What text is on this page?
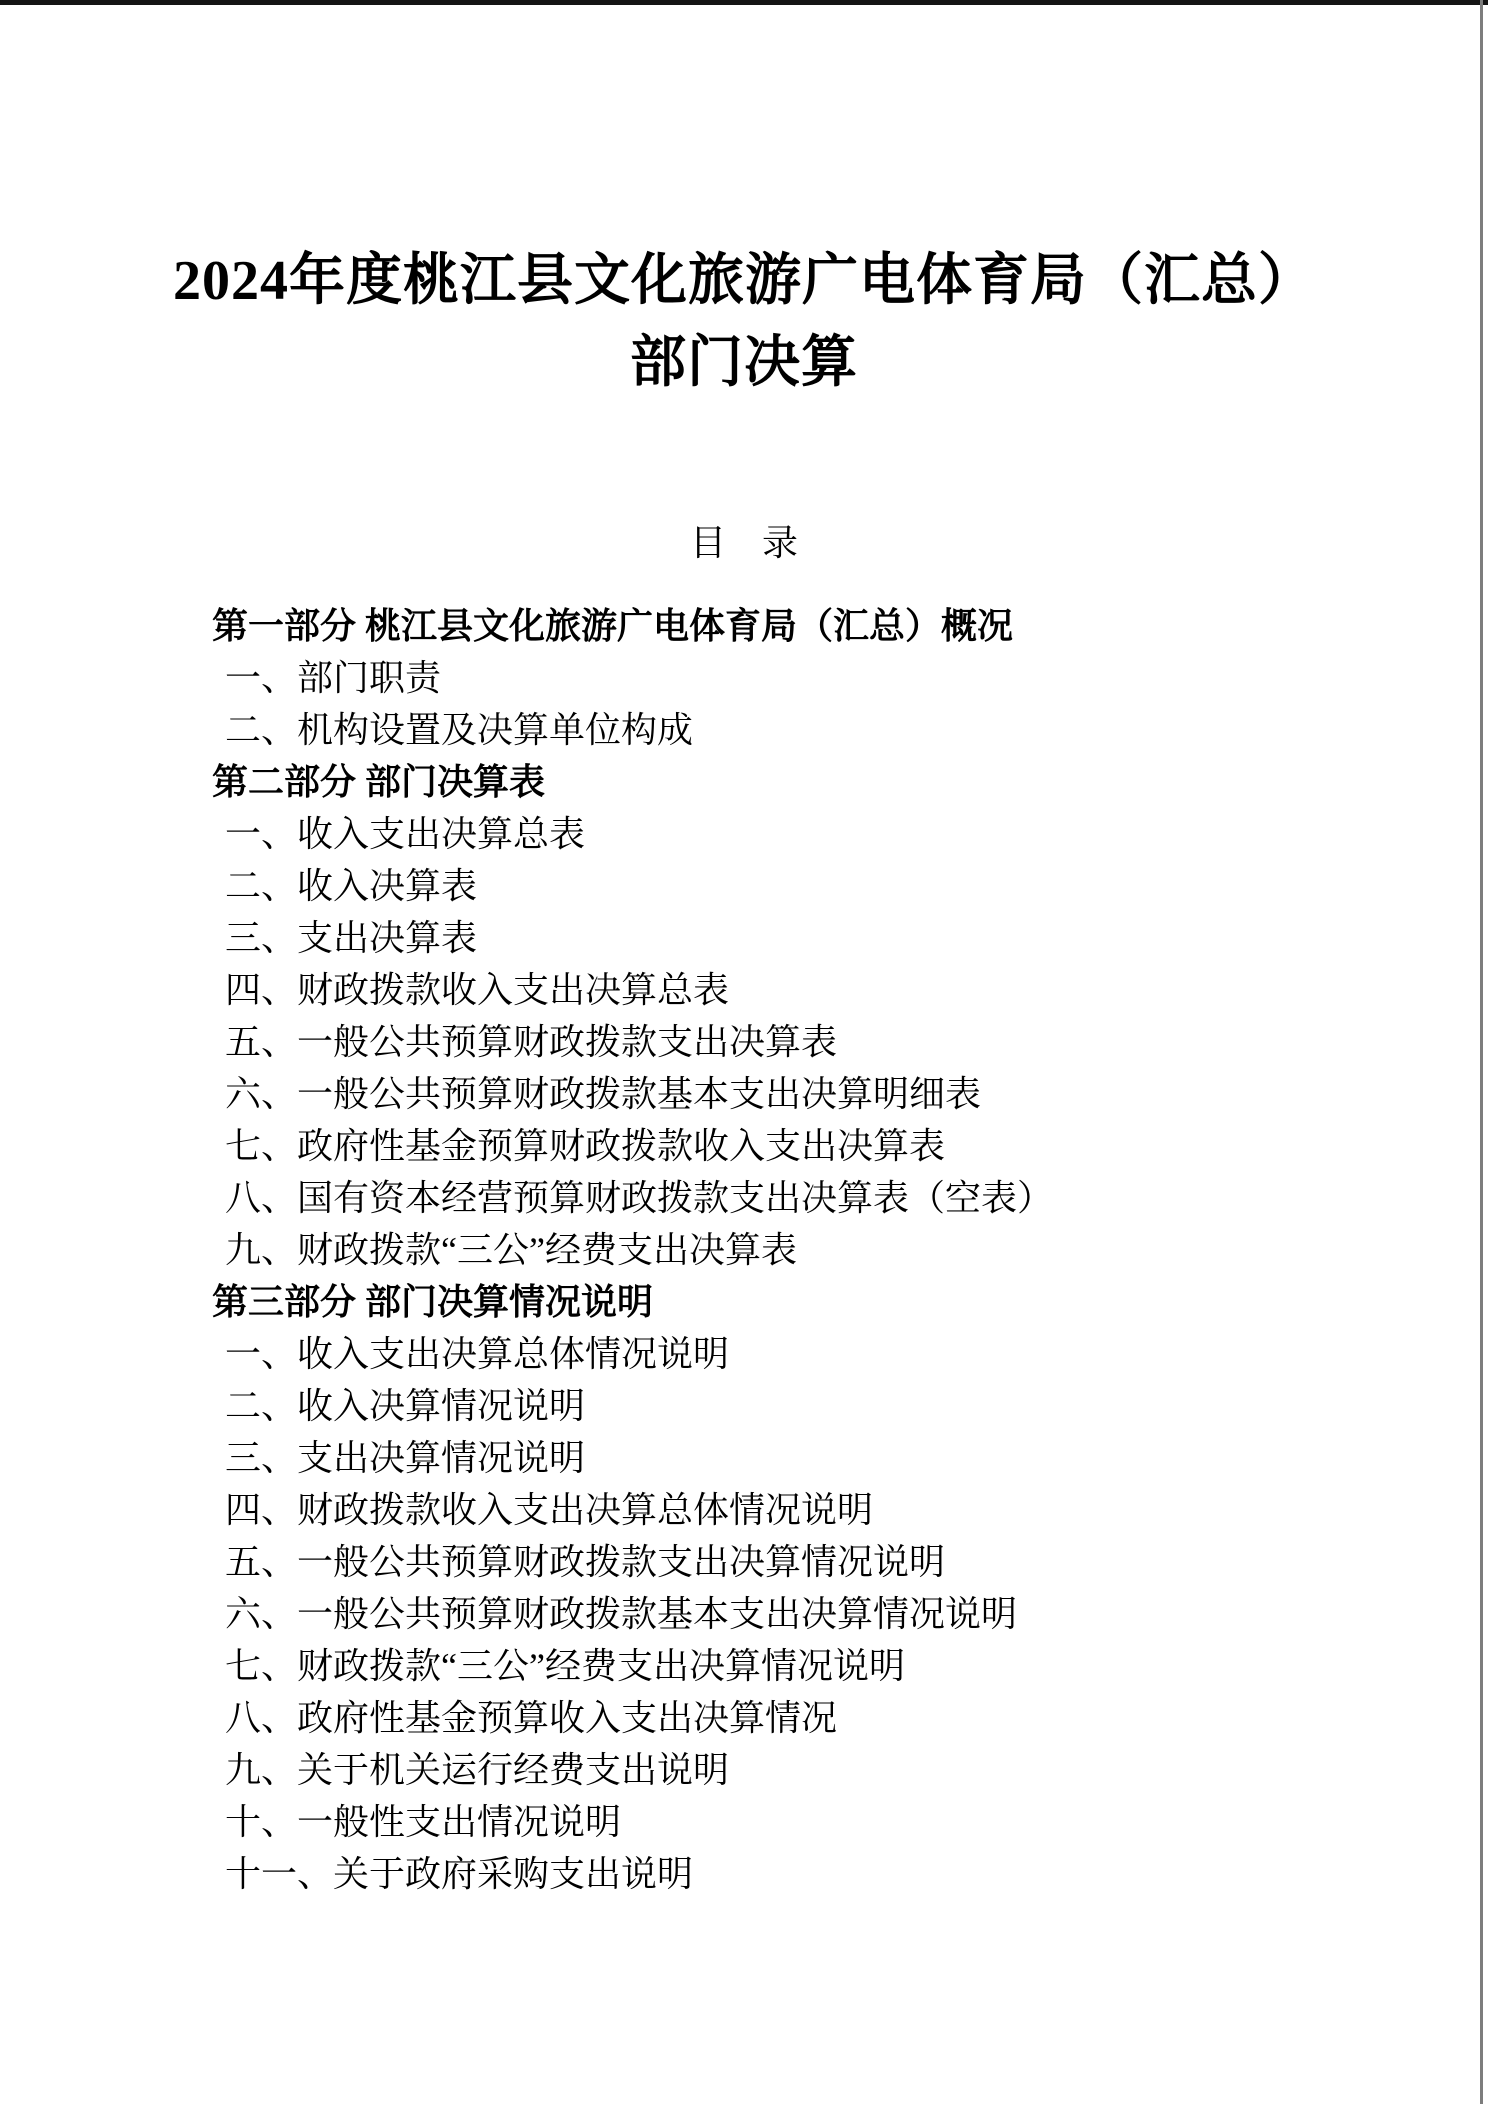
2024年度桃江县文化旅游广电体育局（汇总）
部门决算
目　录
第一部分 桃江县文化旅游广电体育局（汇总）概况
一、部门职责
二、机构设置及决算单位构成
第二部分 部门决算表
一、收入支出决算总表
二、收入决算表
三、支出决算表
四、财政拨款收入支出决算总表
五、一般公共预算财政拨款支出决算表
六、一般公共预算财政拨款基本支出决算明细表
七、政府性基金预算财政拨款收入支出决算表
八、国有资本经营预算财政拨款支出决算表（空表）
九、财政拨款“三公”经费支出决算表
第三部分 部门决算情况说明
一、收入支出决算总体情况说明
二、收入决算情况说明
三、支出决算情况说明
四、财政拨款收入支出决算总体情况说明
五、一般公共预算财政拨款支出决算情况说明
六、一般公共预算财政拨款基本支出决算情况说明
七、财政拨款“三公”经费支出决算情况说明
八、政府性基金预算收入支出决算情况
九、关于机关运行经费支出说明
十、一般性支出情况说明
十一、关于政府采购支出说明
